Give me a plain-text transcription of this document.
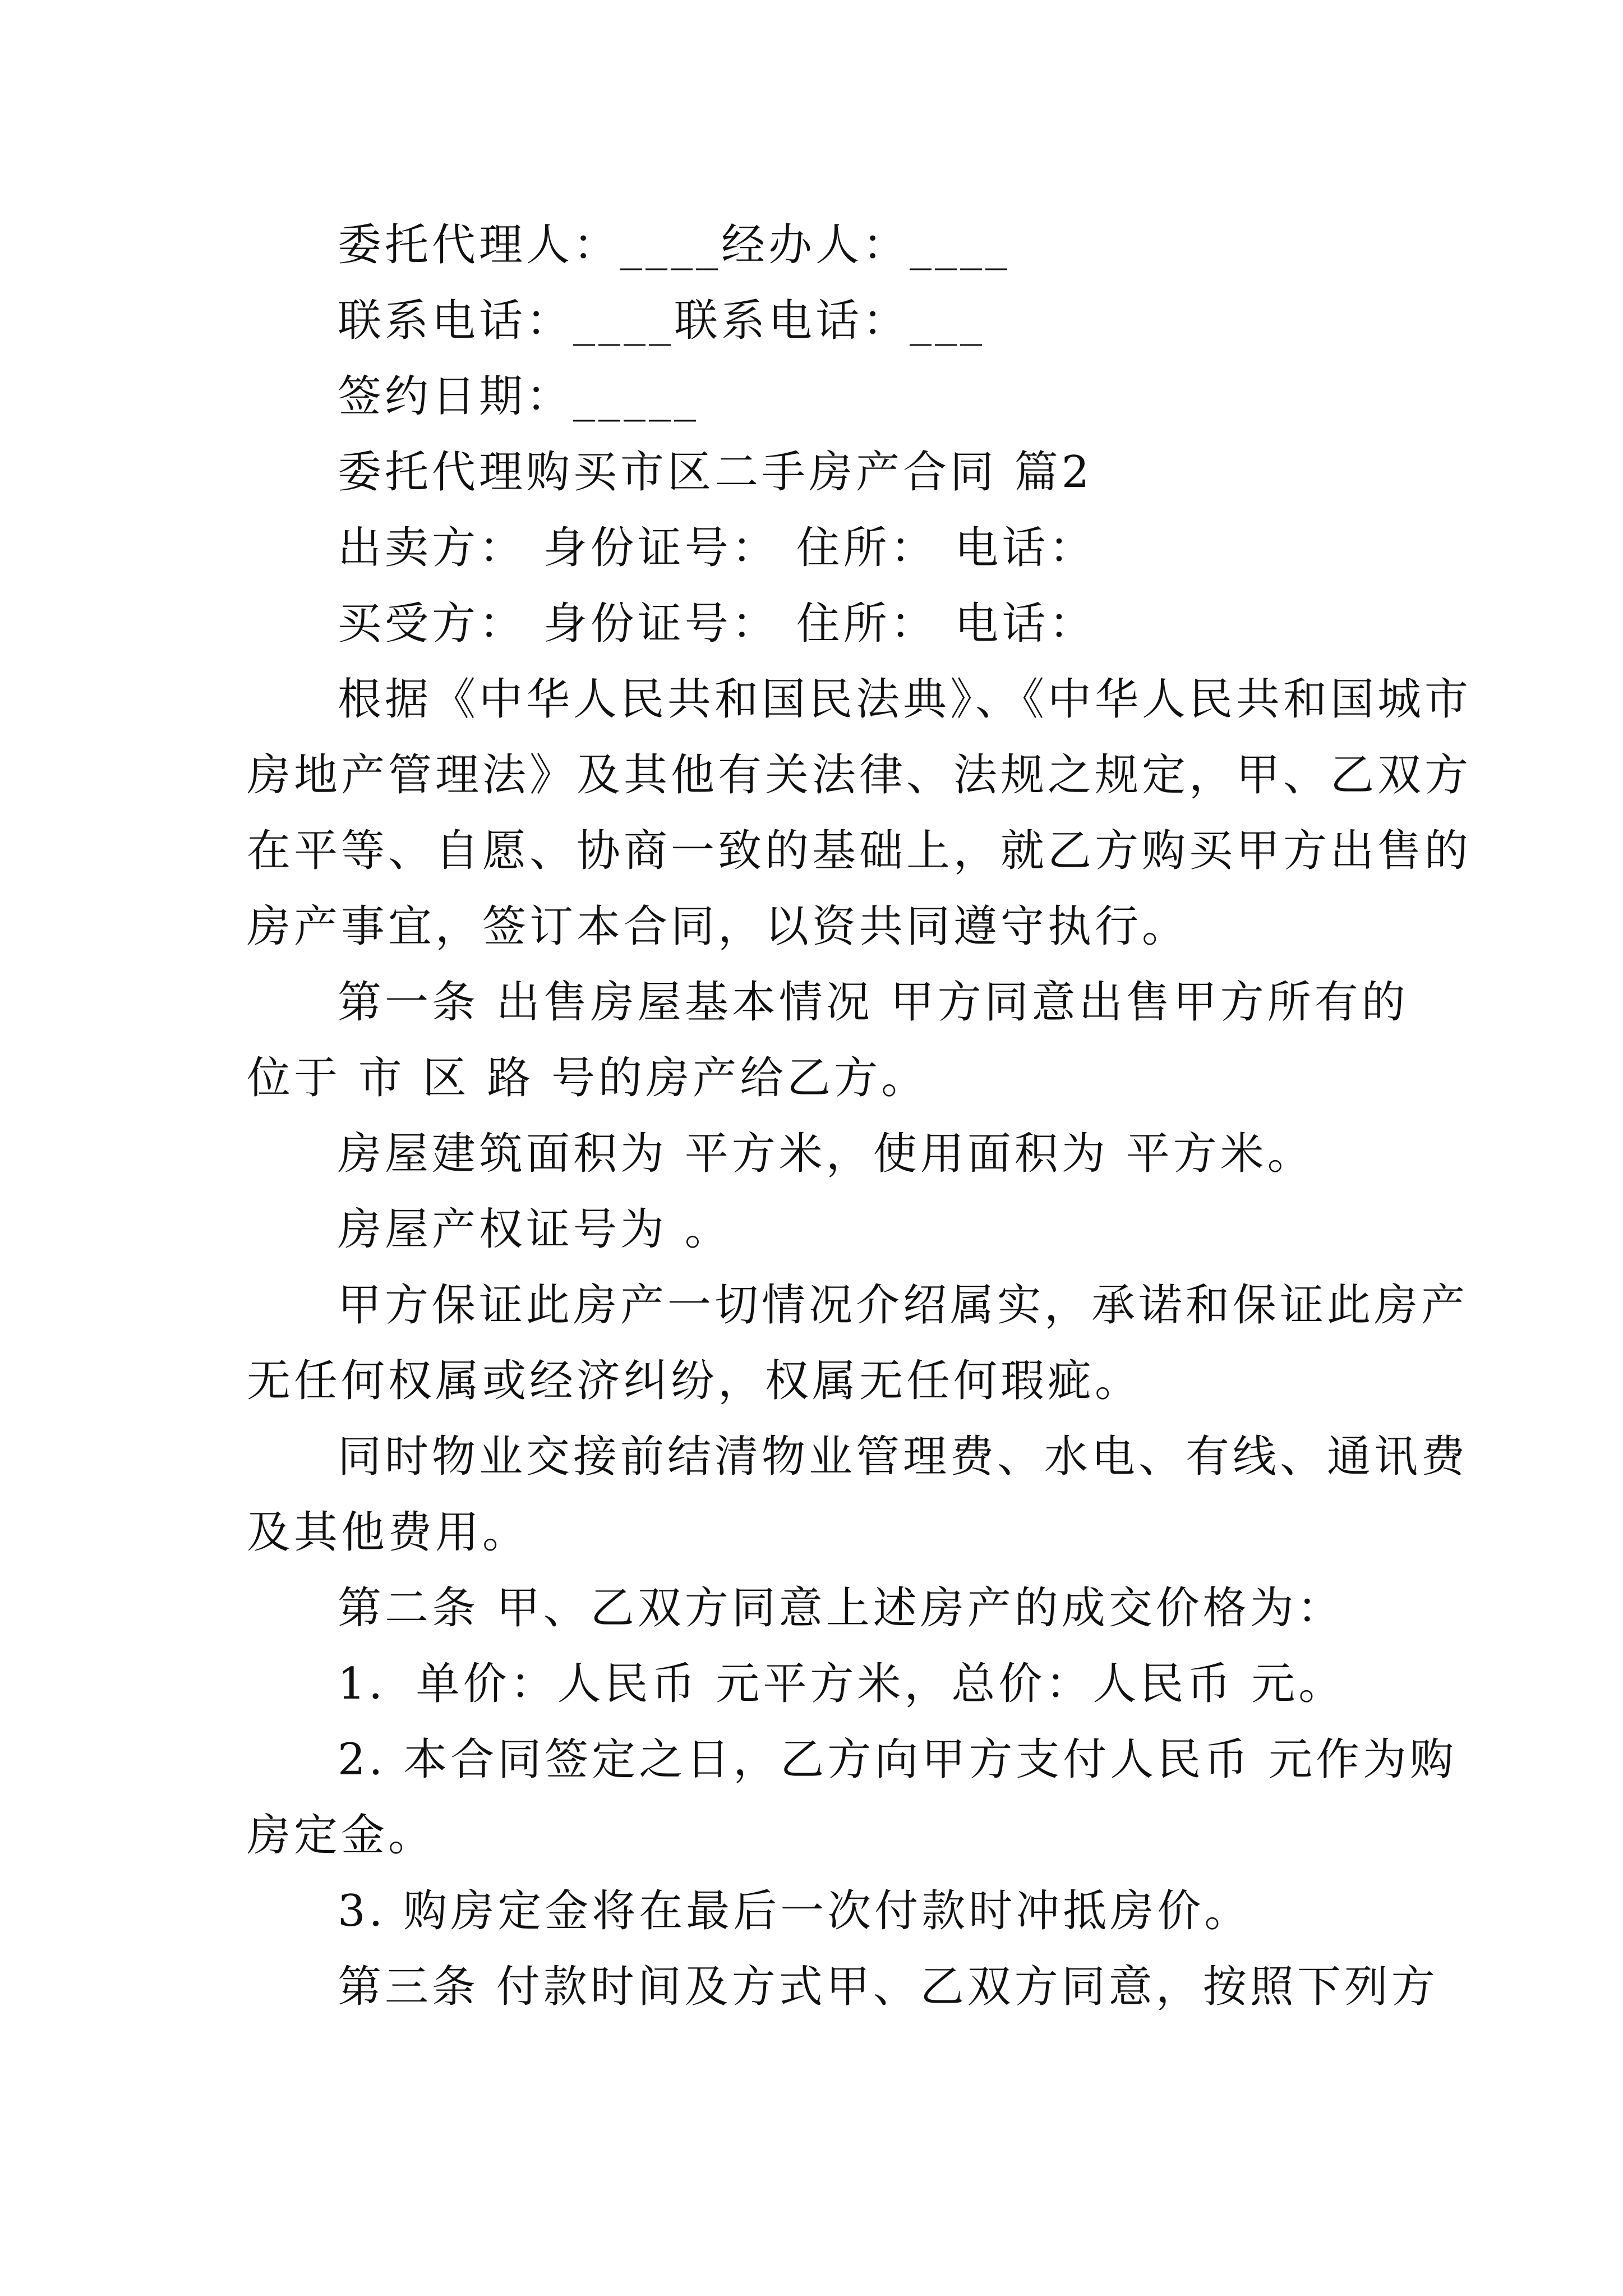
委托代理人：____经办人：____
联系电话：____联系电话：___
签约日期：_____
委托代理购买市区二手房产合同 篇2
出卖方： 身份证号： 住所： 电话：
买受方： 身份证号： 住所： 电话：
根据《中华人民共和国民法典》、《中华人民共和国城市
房地产管理法》及其他有关法律、法规之规定，甲、乙双方
在平等、自愿、协商一致的基础上，就乙方购买甲方出售的
房产事宜，签订本合同，以资共同遵守执行。
第一条 出售房屋基本情况 甲方同意出售甲方所有的
位于 市 区 路 号的房产给乙方。
房屋建筑面积为 平方米，使用面积为 平方米。
房屋产权证号为 。
甲方保证此房产一切情况介绍属实，承诺和保证此房产
无任何权属或经济纠纷，权属无任何瑕疵。
同时物业交接前结清物业管理费、水电、有线、通讯费
及其他费用。
第二条 甲、乙双方同意上述房产的成交价格为：
1．单价：人民币 元平方米，总价：人民币 元。
2. 本合同签定之日，乙方向甲方支付人民币 元作为购
房定金。
3. 购房定金将在最后一次付款时冲抵房价。
第三条 付款时间及方式甲、乙双方同意，按照下列方
